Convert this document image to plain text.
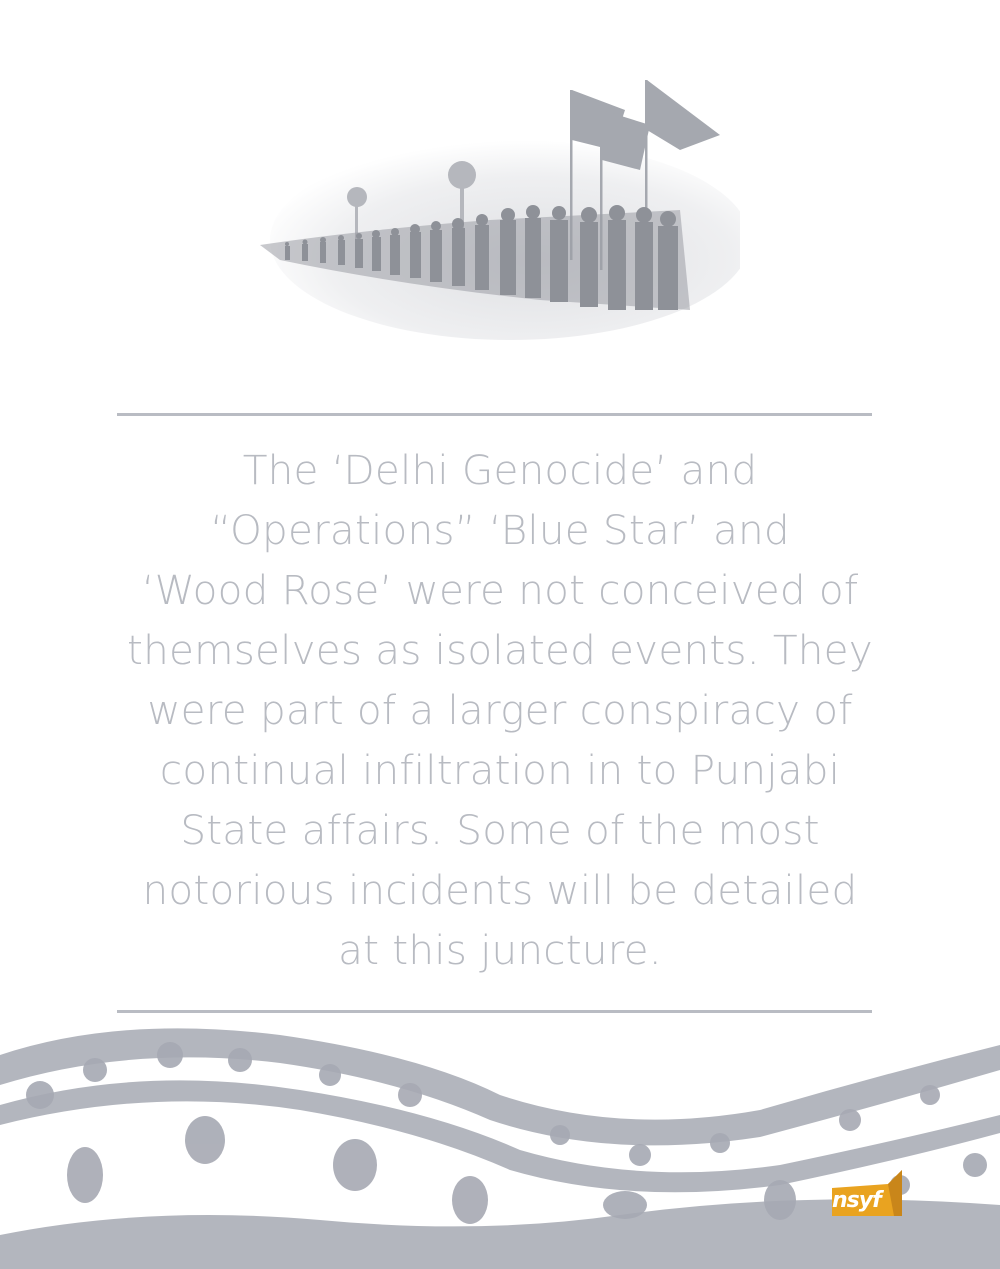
The ‘Delhi Genocide’ and
“Operations” ‘Blue Star’ and
‘Wood Rose’ were not conceived of
themselves as isolated events. They
were part of a larger conspiracy of
continual infiltration in to Punjabi
State affairs. Some of the most
notorious incidents will be detailed
at this juncture.
nsyf
